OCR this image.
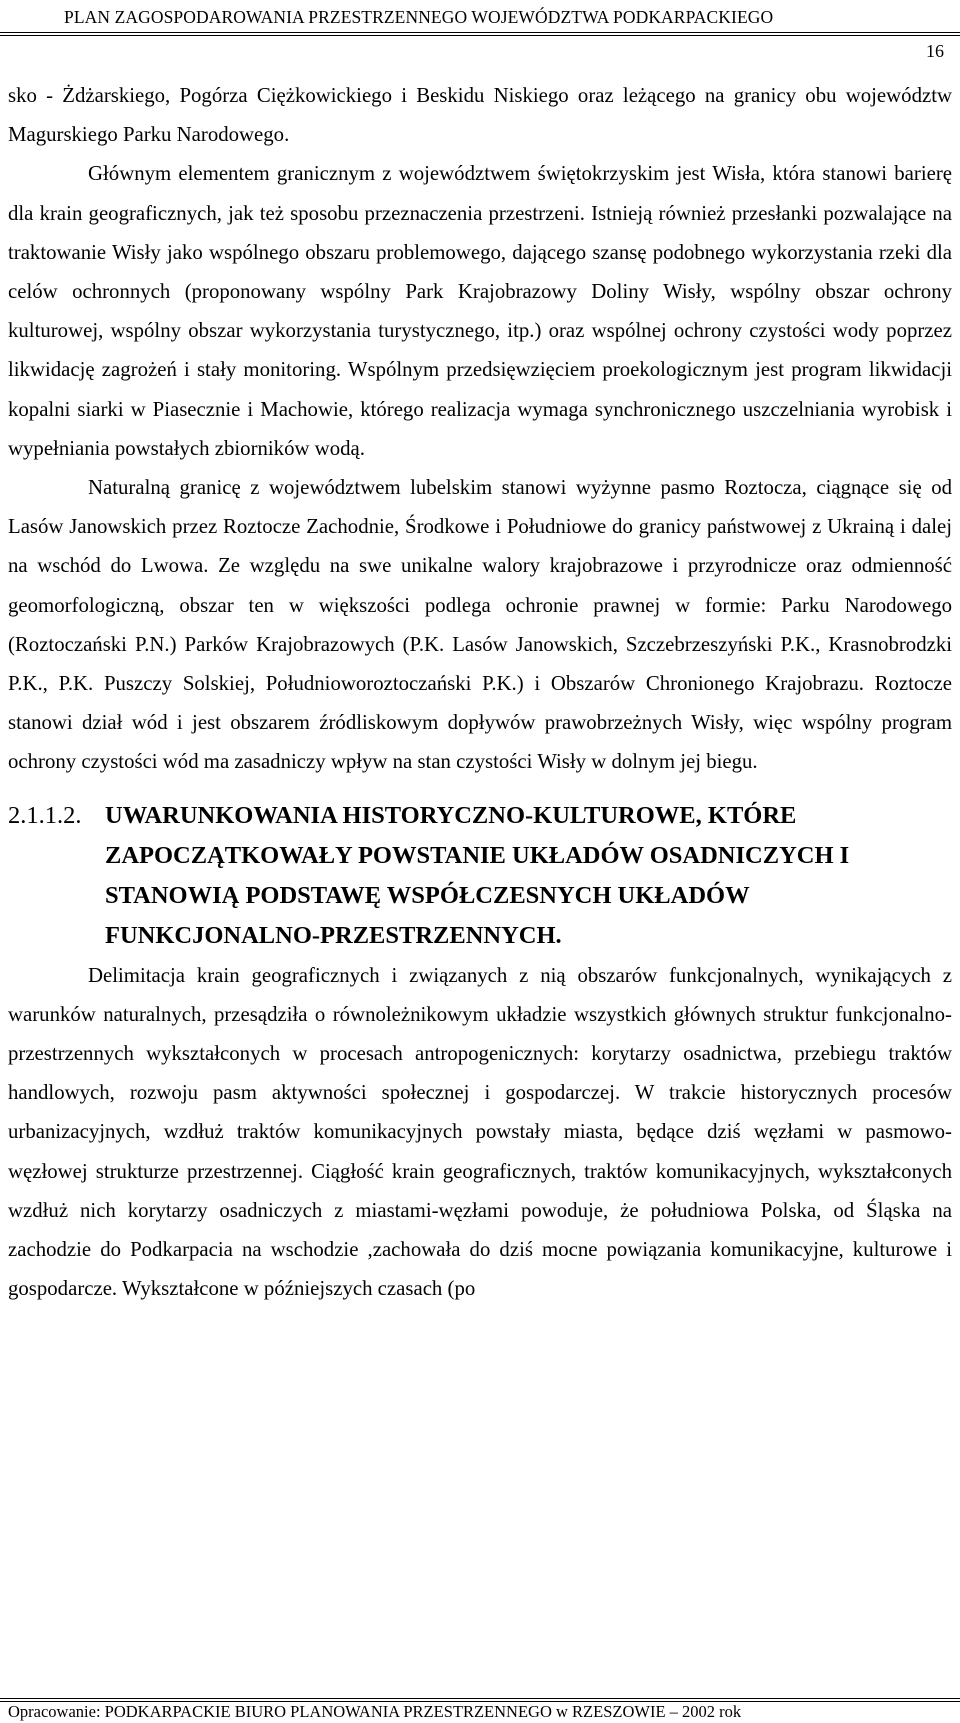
PLAN ZAGOSPODAROWANIA PRZESTRZENNEGO WOJEWÓDZTWA PODKARPACKIEGO
16

sko - Żdżarskiego, Pogórza Ciężkowickiego i Beskidu Niskiego oraz leżącego na granicy obu województw Magurskiego Parku Narodowego.

Głównym elementem granicznym z województwem świętokrzyskim jest Wisła, która stanowi barierę dla krain geograficznych, jak też sposobu przeznaczenia przestrzeni. Istnieją również przesłanki pozwalające na traktowanie Wisły jako wspólnego obszaru problemowego, dającego szansę podobnego wykorzystania rzeki dla celów ochronnych (proponowany wspólny Park Krajobrazowy Doliny Wisły, wspólny obszar ochrony kulturowej, wspólny obszar wykorzystania turystycznego, itp.) oraz wspólnej ochrony czystości wody poprzez likwidację zagrożeń i stały monitoring. Wspólnym przedsięwzięciem proekologicznym jest program likwidacji kopalni siarki w Piasecznie i Machowie, którego realizacja wymaga synchronicznego uszczelniania wyrobisk i wypełniania powstałych zbiorników wodą.

Naturalną granicę z województwem lubelskim stanowi wyżynne pasmo Roztocza, ciągnące się od Lasów Janowskich przez Roztocze Zachodnie, Środkowe i Południowe do granicy państwowej z Ukrainą i dalej na wschód do Lwowa. Ze względu na swe unikalne walory krajobrazowe i przyrodnicze oraz odmienność geomorfologiczną, obszar ten w większości podlega ochronie prawnej w formie: Parku Narodowego (Roztoczański P.N.) Parków Krajobrazowych (P.K. Lasów Janowskich, Szczebrzeszyński P.K., Krasnobrodzki P.K., P.K. Puszczy Solskiej, Południoworoztoczański P.K.) i Obszarów Chronionego Krajobrazu. Roztocze stanowi dział wód i jest obszarem źródliskowym dopływów prawobrzeżnych Wisły, więc wspólny program ochrony czystości wód ma zasadniczy wpływ na stan czystości Wisły w dolnym jej biegu.

2.1.1.2. UWARUNKOWANIA HISTORYCZNO-KULTUROWE, KTÓRE ZAPOCZĄTKOWAŁY POWSTANIE UKŁADÓW OSADNICZYCH I STANOWIĄ PODSTAWĘ WSPÓŁCZESNYCH UKŁADÓW FUNKCJONALNO-PRZESTRZENNYCH.

Delimitacja krain geograficznych i związanych z nią obszarów funkcjonalnych, wynikających z warunków naturalnych, przesądziła o równoleżnikowym układzie wszystkich głównych struktur funkcjonalno-przestrzennych wykształconych w procesach antropogenicznych: korytarzy osadnictwa, przebiegu traktów handlowych, rozwoju pasm aktywności społecznej i gospodarczej. W trakcie historycznych procesów urbanizacyjnych, wzdłuż traktów komunikacyjnych powstały miasta, będące dziś węzłami w pasmowo-węzłowej strukturze przestrzennej. Ciągłość krain geograficznych, traktów komunikacyjnych, wykształconych wzdłuż nich korytarzy osadniczych z miastami-węzłami powoduje, że południowa Polska, od Śląska na zachodzie do Podkarpacia na wschodzie ,zachowała do dziś mocne powiązania komunikacyjne, kulturowe i gospodarcze. Wykształcone w późniejszych czasach (po

Opracowanie: PODKARPACKIE BIURO PLANOWANIA PRZESTRZENNEGO w RZESZOWIE – 2002 rok
